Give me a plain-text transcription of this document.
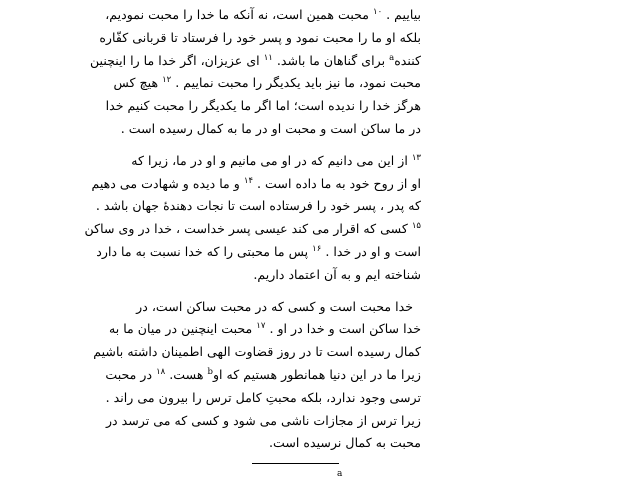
بیاییم . $^{۱۰}$ محبت همین است، نه آنکه ما خدا را محبت نمودیم،
بلکه او ما را محبت نمود و پسر خود را فرستاد تا قربانی کفّاره
کننده$^a$ برای گناهان ما باشد. $^{۱۱}$ ای عزیزان، اگر خدا ما را اینچنین
محبت نمود، ما نیز باید یکدیگر را محبت نماییم . $^{۱۲}$ هیچ کس
هرگز خدا را ندیده است؛ اما اگر ما یکدیگر را محبت کنیم خدا
در ما ساکن است و محبت او در ما به کمال رسیده است .
$^{۱۳}$ از این می دانیم که در او می مانیم و او در ما، زیرا که
او از روح خود به ما داده است . $^{۱۴}$ و ما دیده و شهادت می دهیم
که پدر ، پسر خود را فرستاده است تا نجات دهندهٔ جهان باشد .
$^{۱۵}$ کسی که اقرار می کند عیسی پسر خداست ، خدا در وی ساکن
است و او در خدا . $^{۱۶}$ پس ما محبتی را که خدا نسبت به ما دارد
شناخته ایم و به آن اعتماد داریم.
خدا محبت است و کسی که در محبت ساکن است، در
خدا ساکن است و خدا در او . $^{۱۷}$ محبت اینچنین در میان ما به
کمال رسیده است تا در روز قضاوت الهی اطمینان داشته باشیم
زیرا ما در این دنیا همانطور هستیم که او$^b$ هست. $^{۱۸}$ در محبت
ترسی وجود ندارد، بلکه محبتِ کامل ترس را بیرون می راند .
زیرا ترس از مجازات ناشی می شود و کسی که می ترسد در
محبت به کمال نرسیده است.
a
